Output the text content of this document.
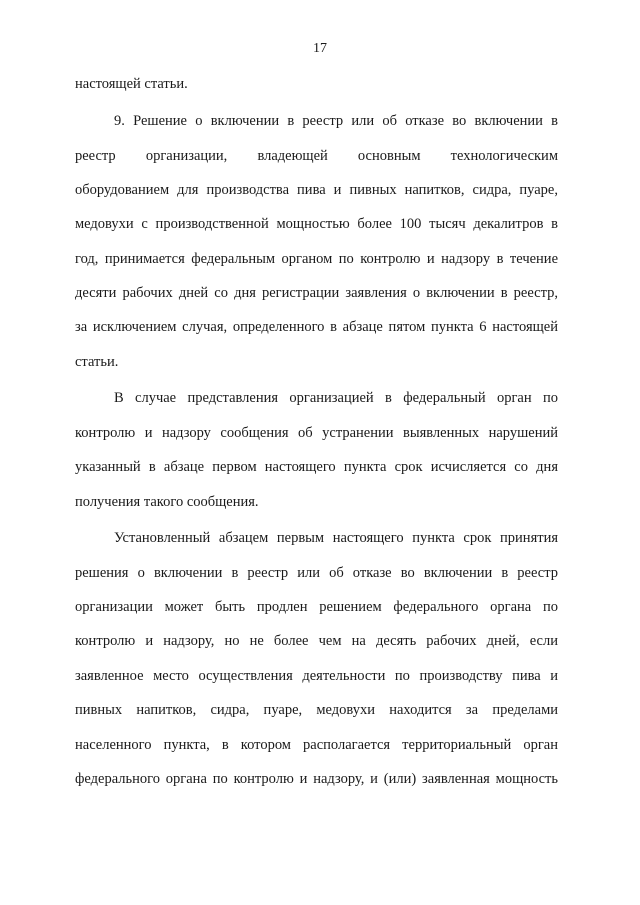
17
настоящей статьи.
9. Решение о включении в реестр или об отказе во включении в
реестр организации, владеющей основным технологическим
оборудованием для производства пива и пивных напитков, сидра, пуаре,
медовухи с производственной мощностью более 100 тысяч декалитров в
год, принимается федеральным органом по контролю и надзору в течение
десяти рабочих дней со дня регистрации заявления о включении в реестр,
за исключением случая, определенного в абзаце пятом пункта 6 настоящей
статьи.
В случае представления организацией в федеральный орган по
контролю и надзору сообщения об устранении выявленных нарушений
указанный в абзаце первом настоящего пункта срок исчисляется со дня
получения такого сообщения.
Установленный абзацем первым настоящего пункта срок принятия
решения о включении в реестр или об отказе во включении в реестр
организации может быть продлен решением федерального органа по
контролю и надзору, но не более чем на десять рабочих дней, если
заявленное место осуществления деятельности по производству пива и
пивных напитков, сидра, пуаре, медовухи находится за пределами
населенного пункта, в котором располагается территориальный орган
федерального органа по контролю и надзору, и (или) заявленная мощность
